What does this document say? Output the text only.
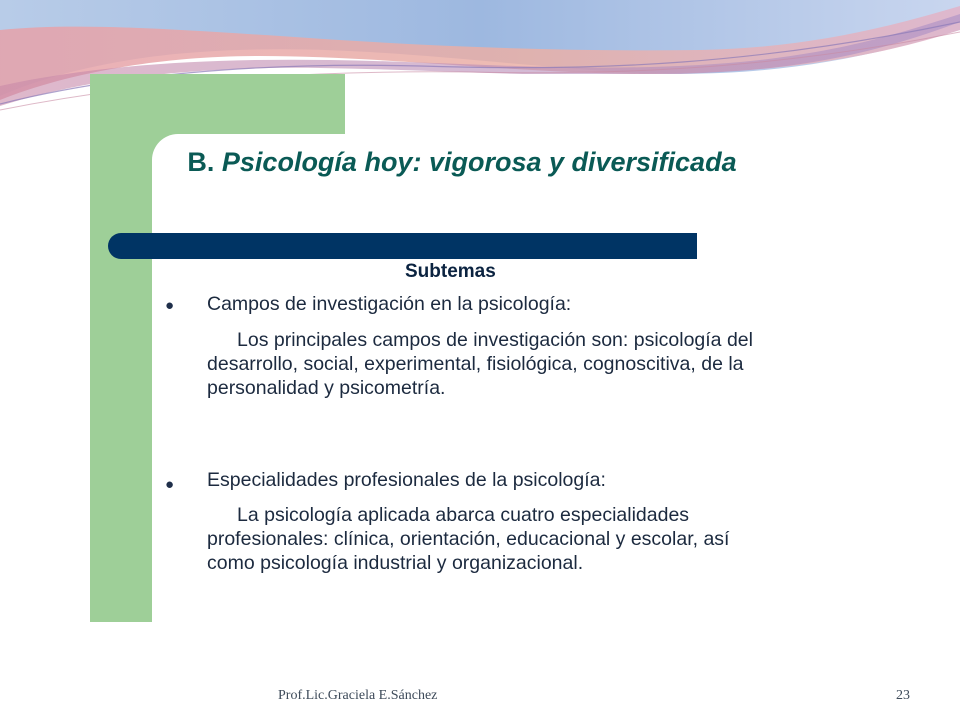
B. Psicología hoy: vigorosa y diversificada
Subtemas
● Campos de investigación en la psicología:
Los principales campos de investigación son: psicología del desarrollo, social, experimental, fisiológica, cognoscitiva, de la personalidad y psicometría.
● Especialidades profesionales de la psicología:
La psicología aplicada abarca cuatro especialidades profesionales: clínica, orientación, educacional y escolar, así como psicología industrial y organizacional.
Prof.Lic.Graciela E.Sánchez	23
